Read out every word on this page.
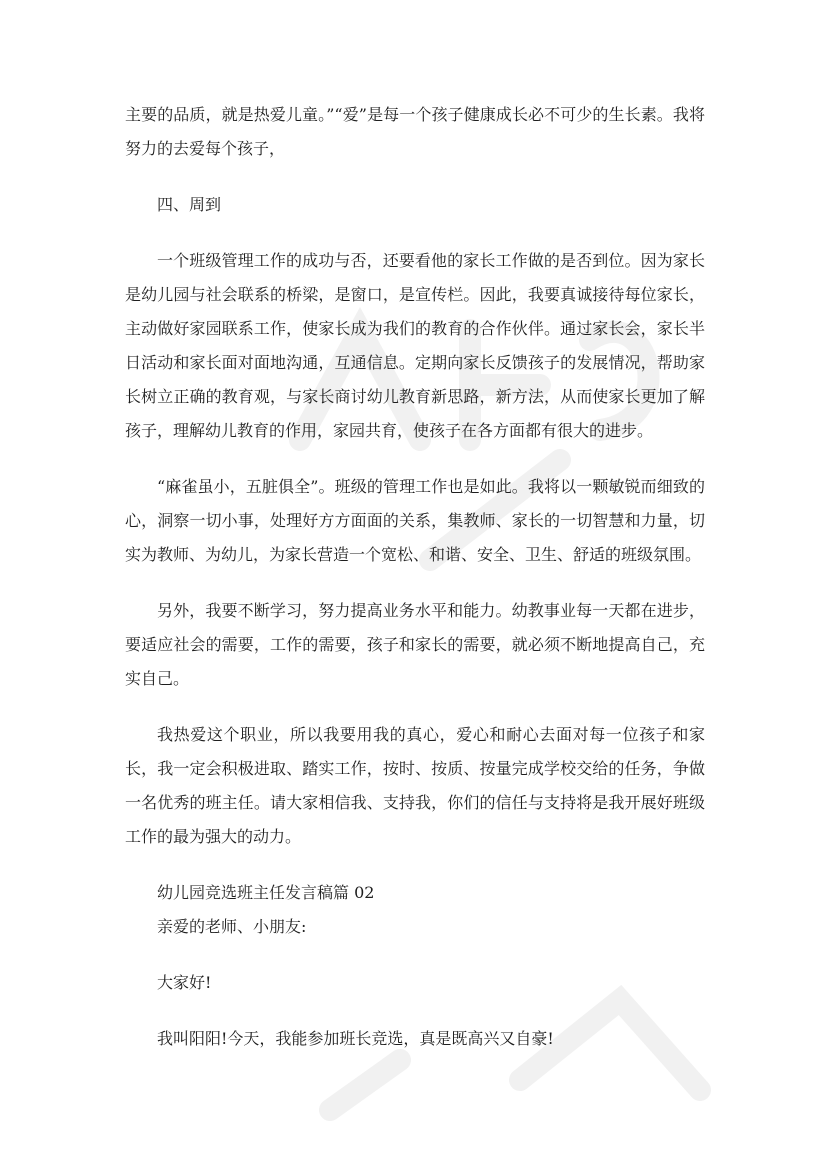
主要的品质，就是热爱儿童。”“爱”是每一个孩子健康成长必不可少的生长素。我将努力的去爱每个孩子，

四、周到

一个班级管理工作的成功与否，还要看他的家长工作做的是否到位。因为家长是幼儿园与社会联系的桥梁，是窗口，是宣传栏。因此，我要真诚接待每位家长，主动做好家园联系工作，使家长成为我们的教育的合作伙伴。通过家长会，家长半日活动和家长面对面地沟通，互通信息。定期向家长反馈孩子的发展情况，帮助家长树立正确的教育观，与家长商讨幼儿教育新思路，新方法，从而使家长更加了解孩子，理解幼儿教育的作用，家园共育，使孩子在各方面都有很大的进步。

“麻雀虽小，五脏俱全”。班级的管理工作也是如此。我将以一颗敏锐而细致的心，洞察一切小事，处理好方方面面的关系，集教师、家长的一切智慧和力量，切实为教师、为幼儿，为家长营造一个宽松、和谐、安全、卫生、舒适的班级氛围。

另外，我要不断学习，努力提高业务水平和能力。幼教事业每一天都在进步，要适应社会的需要，工作的需要，孩子和家长的需要，就必须不断地提高自己，充实自己。

我热爱这个职业，所以我要用我的真心，爱心和耐心去面对每一位孩子和家长，我一定会积极进取、踏实工作，按时、按质、按量完成学校交给的任务，争做一名优秀的班主任。请大家相信我、支持我，你们的信任与支持将是我开展好班级工作的最为强大的动力。

幼儿园竞选班主任发言稿篇 02

亲爱的老师、小朋友:

大家好!

我叫阳阳!今天，我能参加班长竞选，真是既高兴又自豪!
